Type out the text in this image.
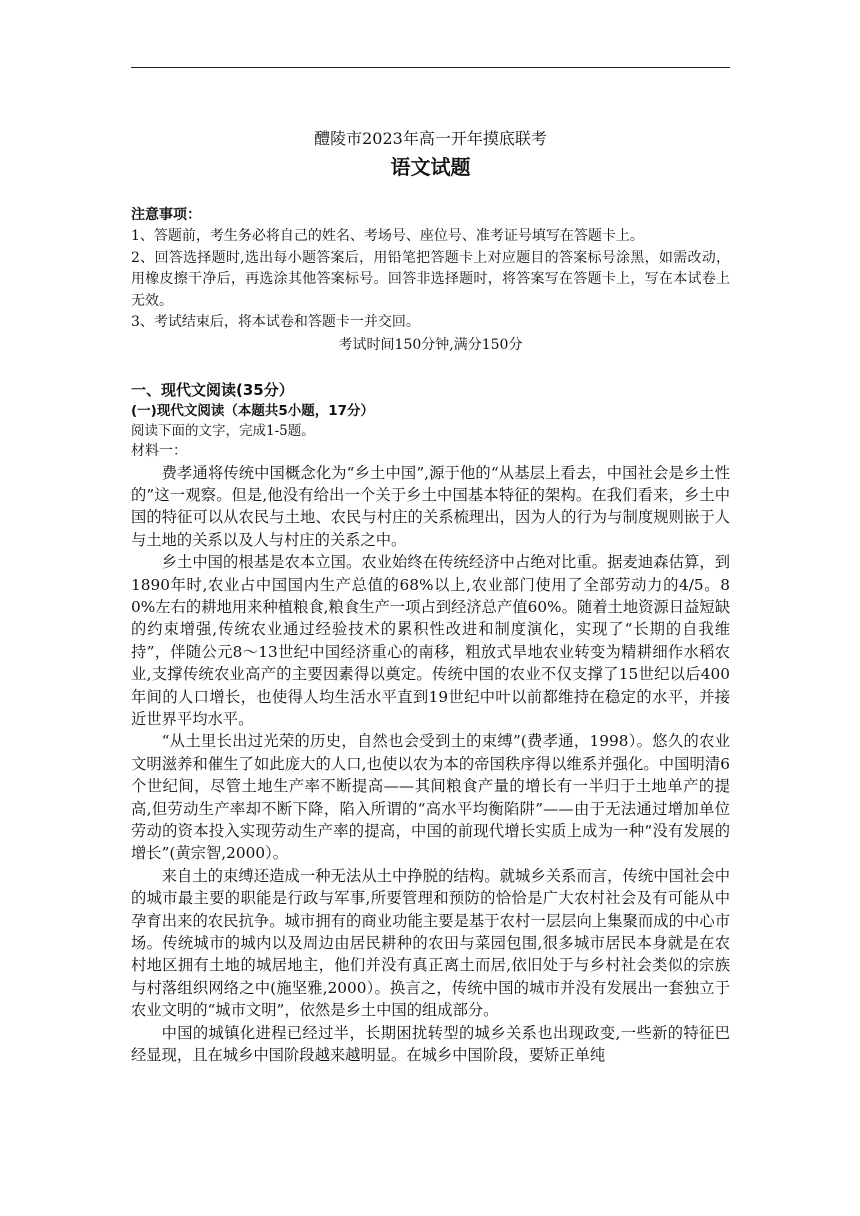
醴陵市2023年高一开年摸底联考

语文试题

注意事项：

1、答题前，考生务必将自己的姓名、考场号、座位号、准考证号填写在答题卡上。

2、回答选择题时,选出每小题答案后，用铅笔把答题卡上对应题目的答案标号涂黑，如需改动，用橡皮擦干净后，再选涂其他答案标号。回答非选择题时，将答案写在答题卡上，写在本试卷上无效。

3、考试结束后，将本试卷和答题卡一并交回。

考试时间150分钟,满分150分

一、现代文阅读(35分）

(一)现代文阅读（本题共5小题，17分）

阅读下面的文字，完成1-5题。

材料一：

费孝通将传统中国概念化为“乡土中国”,源于他的“从基层上看去，中国社会是乡土性的”这一观察。但是,他没有给出一个关于乡土中国基本特征的架构。在我们看来，乡土中国的特征可以从农民与土地、农民与村庄的关系梳理出，因为人的行为与制度规则嵌于人与土地的关系以及人与村庄的关系之中。

乡土中国的根基是农本立国。农业始终在传统经济中占绝对比重。据麦迪森估算，到1890年时,农业占中国国内生产总值的68%以上,农业部门使用了全部劳动力的4/5。80%左右的耕地用来种植粮食,粮食生产一项占到经济总产值60%。随着土地资源日益短缺的约束增强,传统农业通过经验技术的累积性改进和制度演化，实现了“长期的自我维持”，伴随公元8～13世纪中国经济重心的南移，粗放式旱地农业转变为精耕细作水稻农业,支撑传统农业高产的主要因素得以奠定。传统中国的农业不仅支撑了15世纪以后400年间的人口增长，也使得人均生活水平直到19世纪中叶以前都维持在稳定的水平，并接近世界平均水平。

“从土里长出过光荣的历史，自然也会受到土的束缚”(费孝通，1998）。悠久的农业文明滋养和催生了如此庞大的人口,也使以农为本的帝国秩序得以维系并强化。中国明清6个世纪间，尽管土地生产率不断提高——其间粮食产量的增长有一半归于土地单产的提高,但劳动生产率却不断下降，陷入所谓的“高水平均衡陷阱”——由于无法通过增加单位劳动的资本投入实现劳动生产率的提高，中国的前现代增长实质上成为一种“没有发展的增长”(黄宗智,2000）。

来自土的束缚还造成一种无法从土中挣脱的结构。就城乡关系而言，传统中国社会中的城市最主要的职能是行政与军事,所要管理和预防的恰恰是广大农村社会及有可能从中孕育出来的农民抗争。城市拥有的商业功能主要是基于农村一层层向上集聚而成的中心市场。传统城市的城内以及周边由居民耕种的农田与菜园包围,很多城市居民本身就是在农村地区拥有土地的城居地主，他们并没有真正离土而居,依旧处于与乡村社会类似的宗族与村落组织网络之中(施坚雅,2000）。换言之，传统中国的城市并没有发展出一套独立于农业文明的“城市文明”，依然是乡土中国的组成部分。

中国的城镇化进程已经过半，长期困扰转型的城乡关系也出现政变,一些新的特征巴经显现，且在城乡中国阶段越来越明显。在城乡中国阶段，要矫正单纯
